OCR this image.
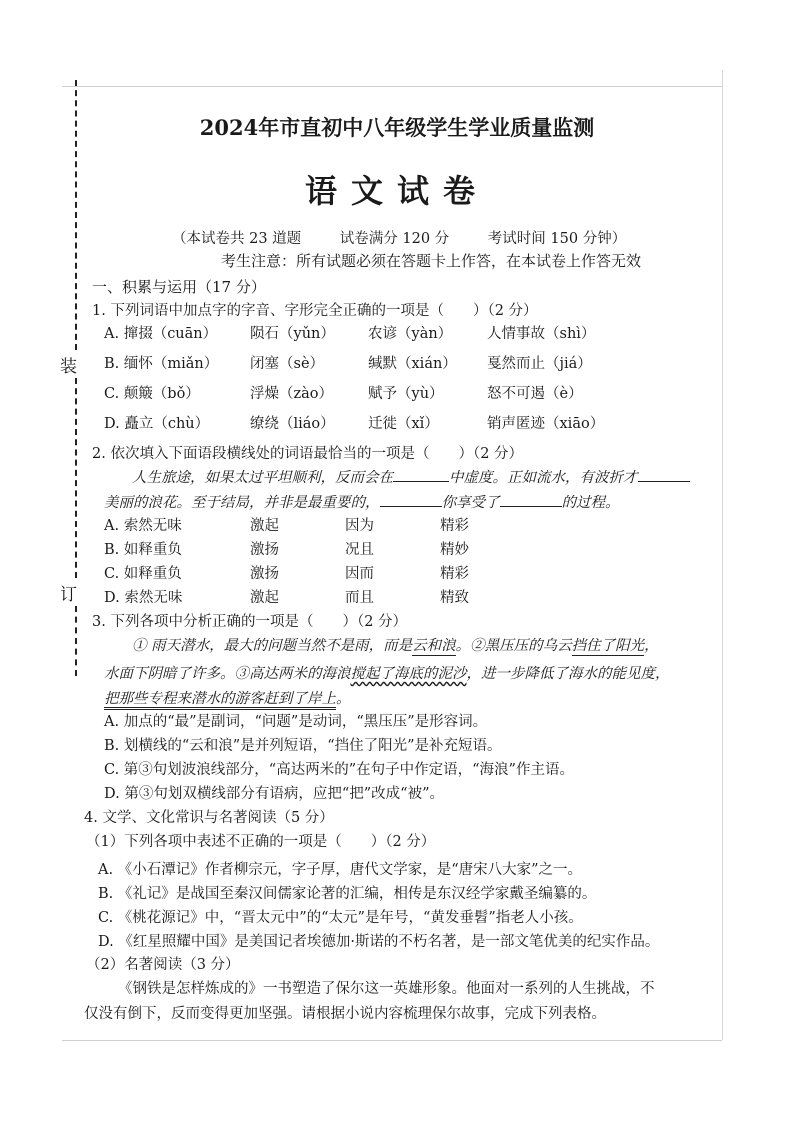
装
订
2024年市直初中八年级学生学业质量监测
语文试卷
（本试卷共 23 道题	试卷满分 120 分	考试时间 150 分钟）
考生注意：所有试题必须在答题卡上作答，在本试卷上作答无效
一、积累与运用（17 分）
1. 下列词语中加点字的字音、字形完全正确的一项是（　　）（2 分）
A. 撺掇（cuān） 陨石（yǔn） 农谚（yàn） 人情事故（shì）
B. 缅怀（miǎn） 闭塞（sè）	缄默（xián） 戛然而止（jiá）
C. 颠簸（bǒ）	浮燥（zào） 赋予（yù）	怒不可遏（è）
D. 矗立（chù）	缭绕（liáo） 迁徙（xǐ）	销声匿迹（xiāo）
2. 依次填入下面语段横线处的词语最恰当的一项是（　　）（2 分）
人生旅途，如果太过平坦顺利，反而会在	中虚度。正如流水，有波折才
美丽的浪花。至于结局，并非是最重要的，	你享受了	的过程。
A. 索然无味	激起	因为	精彩
B. 如释重负	激扬	况且	精妙
C. 如释重负	激扬	因而	精彩
D. 索然无味	激起	而且	精致
3. 下列各项中分析正确的一项是（　　）（2 分）
① 雨天潜水，最大的问题当然不是雨，而是云和浪。②黑压压的乌云挡住了阳光，
水面下阴暗了许多。③高达两米的海浪搅起了海底的泥沙，进一步降低了海水的能见度，
把那些专程来潜水的游客赶到了岸上。
A. 加点的“最”是副词，“问题”是动词，“黑压压”是形容词。
B. 划横线的“云和浪”是并列短语，“挡住了阳光”是补充短语。
C. 第③句划波浪线部分，“高达两米的”在句子中作定语，“海浪”作主语。
D. 第③句划双横线部分有语病，应把“把”改成“被”。
4. 文学、文化常识与名著阅读（5 分）
（1）下列各项中表述不正确的一项是（　　）（2 分）
A. 《小石潭记》作者柳宗元，字子厚，唐代文学家，是“唐宋八大家”之一。
B. 《礼记》是战国至秦汉间儒家论著的汇编，相传是东汉经学家戴圣编纂的。
C. 《桃花源记》中，“晋太元中”的“太元”是年号，“黄发垂髫”指老人小孩。
D. 《红星照耀中国》是美国记者埃德加·斯诺的不朽名著，是一部文笔优美的纪实作品。
（2）名著阅读（3 分）
《钢铁是怎样炼成的》一书塑造了保尔这一英雄形象。他面对一系列的人生挑战，不
仅没有倒下，反而变得更加坚强。请根据小说内容梳理保尔故事，完成下列表格。
